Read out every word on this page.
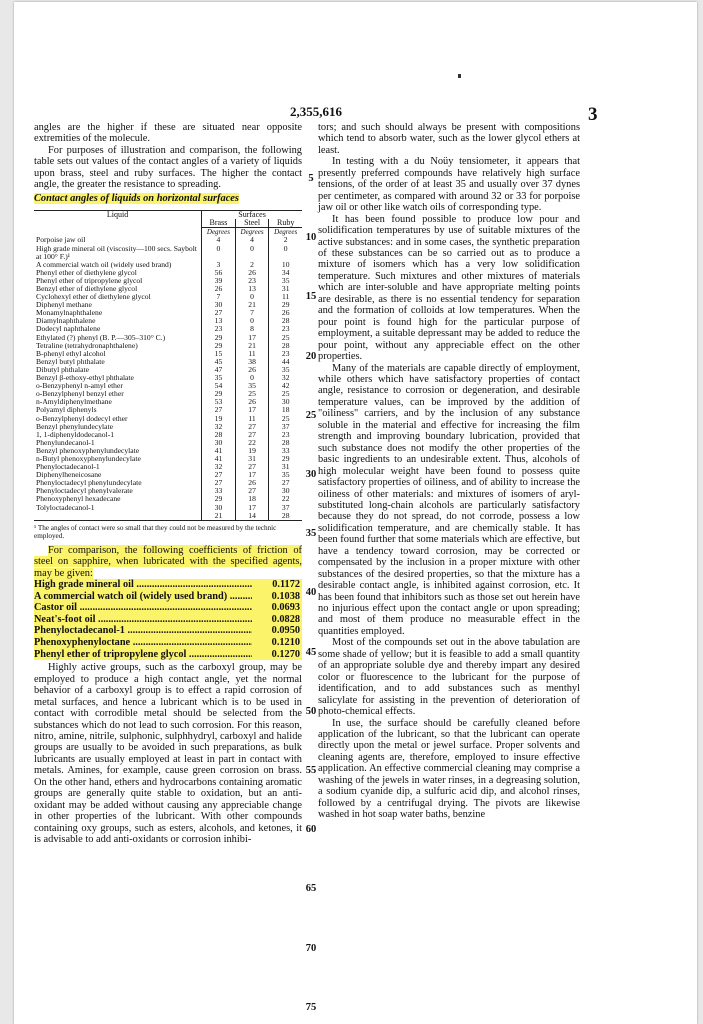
2,355,616	3

angles are the higher if these are situated near opposite extremities of the molecule.

For purposes of illustration and comparison, the following table sets out values of the contact angles of a variety of liquids upon brass, steel and ruby surfaces. The higher the contact angle, the greater the resistance to spreading.

Contact angles of liquids on horizontal surfaces
Liquid	Surfaces		
	Brass	Steel	Ruby
	Degrees	Degrees	Degrees
Porpoise jaw oil	4	4	2
High grade mineral oil (viscosity—100 secs. Saybolt at 100° F.)¹	0	0	0
A commercial watch oil (widely used brand)	3	2	10
Phenyl ether of diethylene glycol	56	26	34
Phenyl ether of tripropylene glycol	39	23	35
Benzyl ether of diethylene glycol	26	13	31
Cyclohexyl ether of diethylene glycol	7	0	11
Diphenyl methane	30	21	29
Monamylnaphthalene	27	7	26
Diamylnaphthalene	13	0	28
Dodecyl naphthalene	23	8	23
Ethylated (?) phenyl (B. P.—305–310° C.)	29	17	25
Tetraline (tetrahydronaphthalene)	29	21	28
B-phenyl ethyl alcohol	15	11	23
Benzyl butyl phthalate	45	38	44
Dibutyl phthalate	47	26	35
Benzyl β-ethoxy-ethyl phthalate	35	0	32
o-Benzyphenyl n-amyl ether	54	35	42
o-Benzylphenyl benzyl ether	29	25	25
n-Amyldiphenylmethane	53	26	30
Polyamyl diphenyls	27	17	18
o-Benzylphenyl dodecyl ether	19	11	25
Benzyl phenylundecylate	32	27	37
1, 1-diphenyldodecanol-1	28	27	23
Phenylundecanol-1	30	22	28
Benzyl phenoxyphenylundecylate	41	19	33
n-Butyl phenoxyphenylundecylate	41	31	29
Phenyloctadecanol-1	32	27	31
Diphenylheneicosane	27	17	35
Phenyloctadecyl phenylundecylate	27	26	27
Phenyloctadecyl phenylvalerate	33	27	30
Phenoxyphenyl hexadecane	29	18	22
Tolyloctadecanol-1	30	17	37
	21	14	28
¹ The angles of contact were so small that they could not be measured by the technic employed.

For comparison, the following coefficients of friction of steel on sapphire, when lubricated with the specified agents, may be given:

High grade mineral oil .....	0.1172
A commercial watch oil (widely used brand) .....	0.1038
Castor oil .....	0.0693
Neat's-foot oil .....	0.0828
Phenyloctadecanol-1 .....	0.0950
Phenoxyphenyloctane .....	0.1210
Phenyl ether of tripropylene glycol .....	0.1270

Highly active groups, such as the carboxyl group, may be employed to produce a high contact angle, yet the normal behavior of a carboxyl group is to effect a rapid corrosion of metal surfaces, and hence a lubricant which is to be used in contact with corrodible metal should be selected from the substances which do not lead to such corrosion. For this reason, nitro, amine, nitrile, sulphonic, sulphhydryl, carboxyl and halide groups are usually to be avoided in such preparations, as bulk lubricants are usually employed at least in part in contact with metals. Amines, for example, cause green corrosion on brass. On the other hand, ethers and hydrocarbons containing aromatic groups are generally quite stable to oxidation, but an anti-oxidant may be added without causing any appreciable change in other properties of the lubricant. With other compounds containing oxy groups, such as esters, alcohols, and ketones, it is advisable to add anti-oxidants or corrosion inhibi-

5
10
15
20
25
30
35
40
45
50
55
60
65
70
75

tors; and such should always be present with compositions which tend to absorb water, such as the lower glycol ethers at least.

In testing with a du Noüy tensiometer, it appears that presently preferred compounds have relatively high surface tensions, of the order of at least 35 and usually over 37 dynes per centimeter, as compared with around 32 or 33 for porpoise jaw oil or other like watch oils of corresponding type.

It has been found possible to produce low pour and solidification temperatures by use of suitable mixtures of the active substances: and in some cases, the synthetic preparation of these substances can be so carried out as to produce a mixture of isomers which has a very low solidification temperature. Such mixtures and other mixtures of materials which are inter-soluble and have appropriate melting points are desirable, as there is no essential tendency for separation and the formation of colloids at low temperatures. When the pour point is found high for the particular purpose of employment, a suitable depressant may be added to reduce the pour point, without any appreciable effect on the other properties.

Many of the materials are capable directly of employment, while others which have satisfactory properties of contact angle, resistance to corrosion or degeneration, and desirable temperature values, can be improved by the addition of "oiliness" carriers, and by the inclusion of any substance soluble in the material and effective for increasing the film strength and improving boundary lubrication, provided that such substance does not modify the other properties of the basic ingredients to an undesirable extent. Thus, alcohols of high molecular weight have been found to possess quite satisfactory properties of oiliness, and of ability to increase the oiliness of other materials: and mixtures of isomers of aryl-substituted long-chain alcohols are particularly satisfactory because they do not spread, do not corrode, possess a low solidification temperature, and are chemically stable. It has been found further that some materials which are effective, but have a tendency toward corrosion, may be corrected or compensated by the inclusion in a proper mixture with other substances of the desired properties, so that the mixture has a desirable contact angle, is inhibited against corrosion, etc. It has been found that inhibitors such as those set out herein have no injurious effect upon the contact angle or upon spreading; and most of them produce no measurable effect in the quantities employed.

Most of the compounds set out in the above tabulation are some shade of yellow; but it is feasible to add a small quantity of an appropriate soluble dye and thereby impart any desired color or fluorescence to the lubricant for the purpose of identification, and to add substances such as menthyl salicylate for assisting in the prevention of deterioration of photo-chemical effects.

In use, the surface should be carefully cleaned before application of the lubricant, so that the lubricant can operate directly upon the metal or jewel surface. Proper solvents and cleaning agents are, therefore, employed to insure effective application. An effective commercial cleaning may comprise a washing of the jewels in water rinses, in a degreasing solution, a sodium cyanide dip, a sulfuric acid dip, and alcohol rinses, followed by a centrifugal drying. The pivots are likewise washed in hot soap water baths, benzine
